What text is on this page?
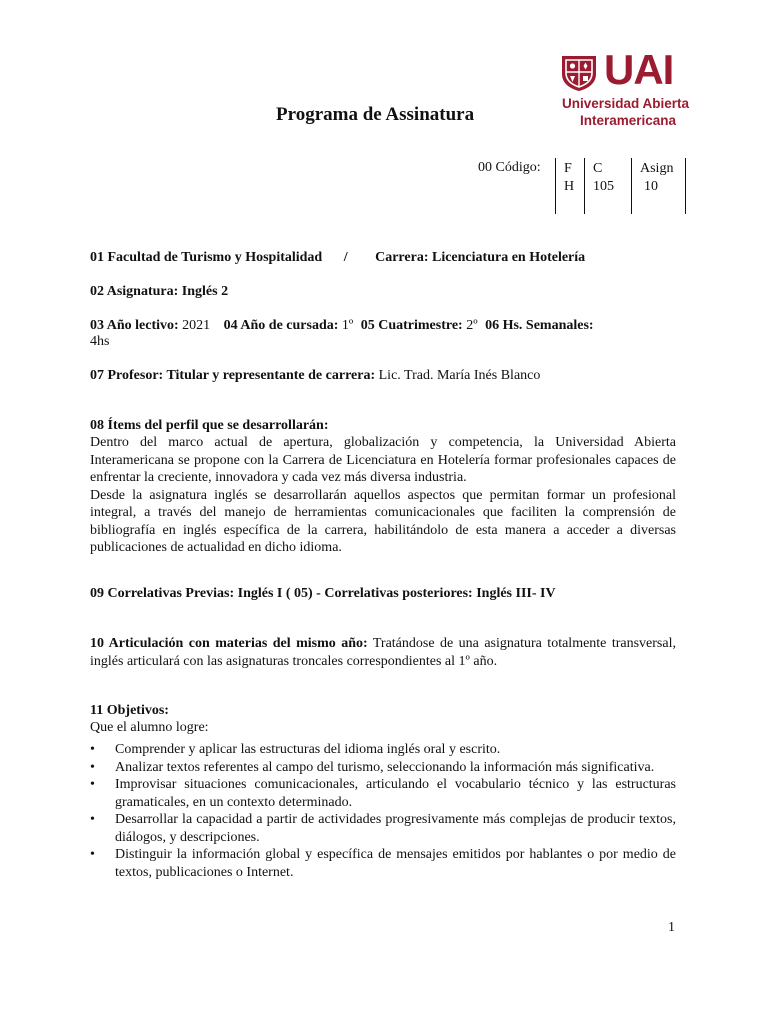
UAI
Universidad Abierta
Interamericana
Programa de Assinatura
00 Código: F
H
C
105
Asign
10
01 Facultad de Turismo y Hospitalidad / Carrera: Licenciatura en Hotelería
02 Asignatura: Inglés 2
03 Año lectivo: 2021 04 Año de cursada: 1º 05 Cuatrimestre: 2º 06 Hs. Semanales:
4hs
07 Profesor: Titular y representante de carrera: Lic. Trad. María Inés Blanco
08 Ítems del perfil que se desarrollarán:

Dentro del marco actual de apertura, globalización y competencia, la Universidad Abierta Interamericana se propone con la Carrera de Licenciatura en Hotelería formar profesionales capaces de enfrentar la creciente, innovadora y cada vez más diversa industria.

Desde la asignatura inglés se desarrollarán aquellos aspectos que permitan formar un profesional integral, a través del manejo de herramientas comunicacionales que faciliten la comprensión de bibliografía en inglés específica de la carrera, habilitándolo de esta manera a acceder a diversas publicaciones de actualidad en dicho idioma.

09 Correlativas Previas: Inglés I ( 05) - Correlativas posteriores: Inglés III- IV
10 Articulación con materias del mismo año: Tratándose de una asignatura totalmente transversal, inglés articulará con las asignaturas troncales correspondientes al 1º año.
11 Objetivos:
Que el alumno logre:
• Comprender y aplicar las estructuras del idioma inglés oral y escrito.
• Analizar textos referentes al campo del turismo, seleccionando la información más significativa.
• Improvisar situaciones comunicacionales, articulando el vocabulario técnico y las estructuras gramaticales, en un contexto determinado.
• Desarrollar la capacidad a partir de actividades progresivamente más complejas de producir textos, diálogos, y descripciones.
• Distinguir la información global y específica de mensajes emitidos por hablantes o por medio de textos, publicaciones o Internet.
1
